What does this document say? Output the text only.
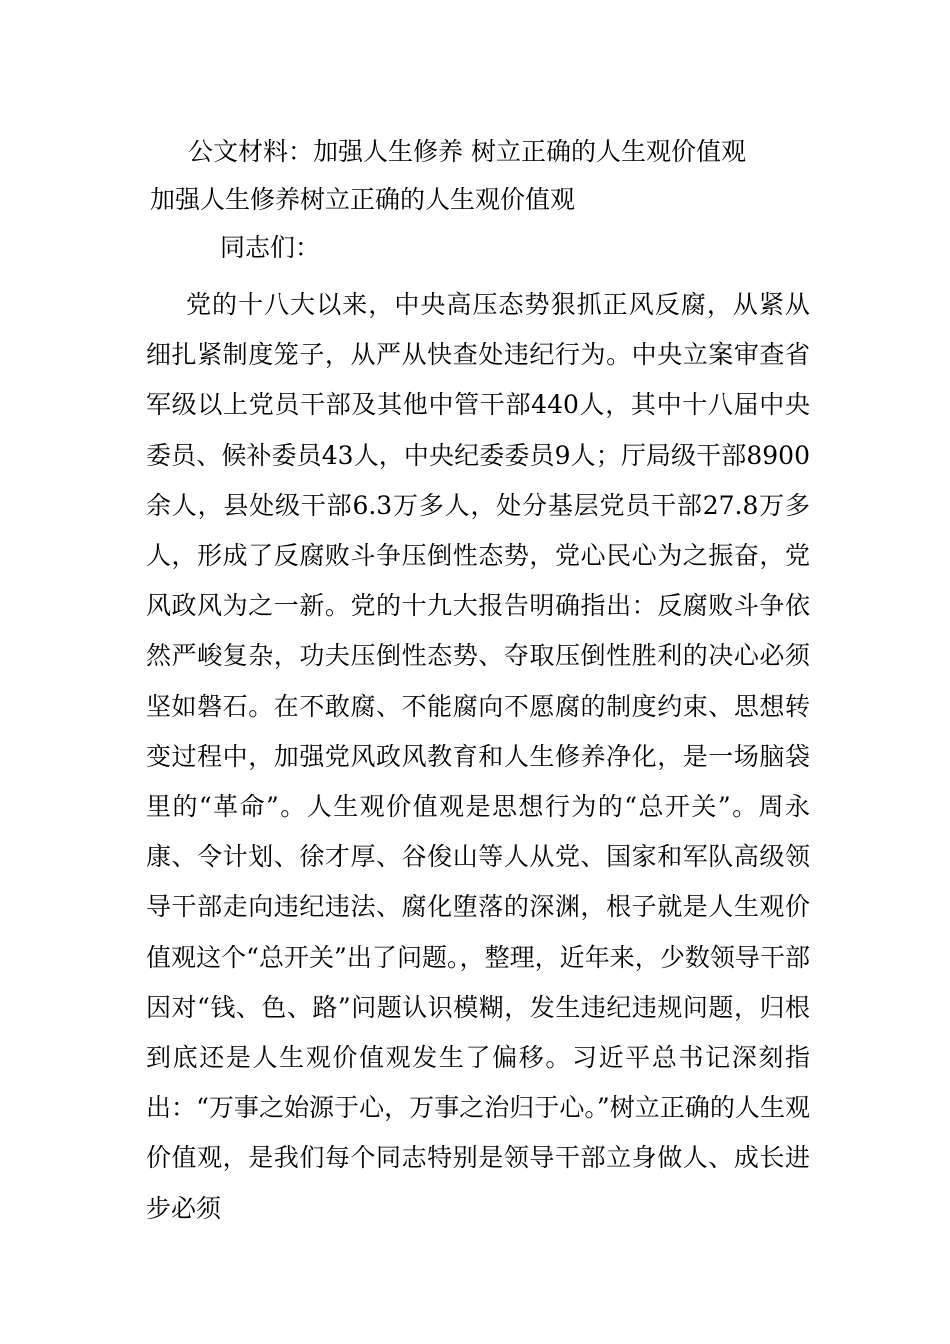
公文材料：加强人生修养 树立正确的人生观价值观
加强人生修养树立正确的人生观价值观
同志们：

党的十八大以来，中央高压态势狠抓正风反腐，从紧从细扎紧制度笼子，从严从快查处违纪行为。中央立案审查省军级以上党员干部及其他中管干部440人，其中十八届中央委员、候补委员43人，中央纪委委员9人；厅局级干部8900余人，县处级干部6.3万多人，处分基层党员干部27.8万多人，形成了反腐败斗争压倒性态势，党心民心为之振奋，党风政风为之一新。党的十九大报告明确指出：反腐败斗争依然严峻复杂，功夫压倒性态势、夺取压倒性胜利的决心必须坚如磐石。在不敢腐、不能腐向不愿腐的制度约束、思想转变过程中，加强党风政风教育和人生修养净化，是一场脑袋里的“革命”。人生观价值观是思想行为的“总开关”。周永康、令计划、徐才厚、谷俊山等人从党、国家和军队高级领导干部走向违纪违法、腐化堕落的深渊，根子就是人生观价值观这个“总开关”出了问题。，整理，近年来，少数领导干部因对“钱、色、路”问题认识模糊，发生违纪违规问题，归根到底还是人生观价值观发生了偏移。习近平总书记深刻指出：“万事之始源于心，万事之治归于心。”树立正确的人生观价值观，是我们每个同志特别是领导干部立身做人、成长进步必须
